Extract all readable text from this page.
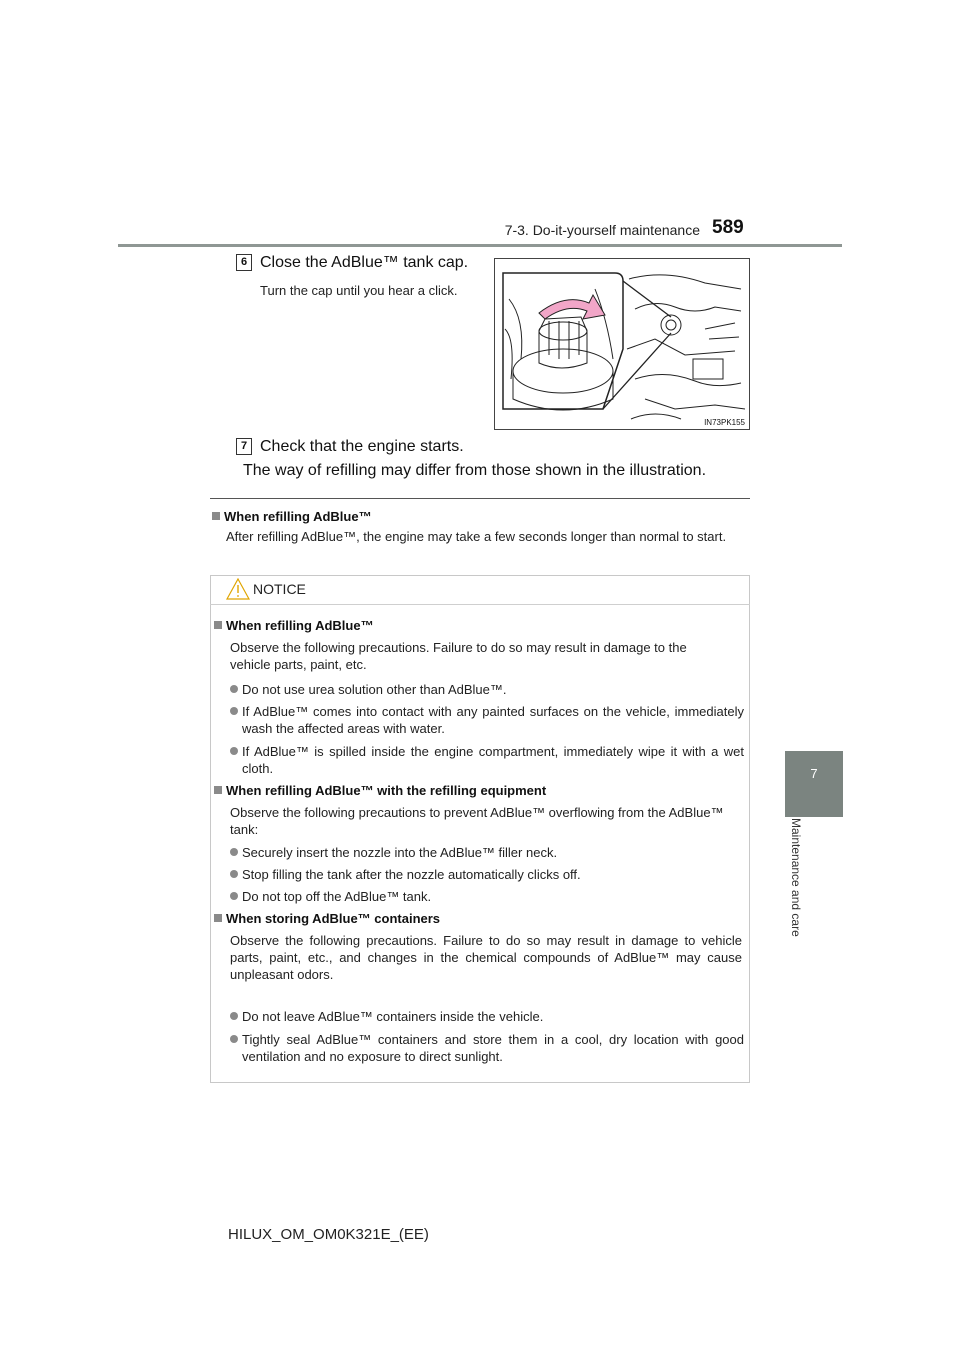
7-3. Do-it-yourself maintenance 589
7
Maintenance and care
6 Close the AdBlue™ tank cap.
Turn the cap until you hear a click.
IN73PK155
7 Check that the engine starts.
The way of refilling may differ from those shown in the illustration.
When refilling AdBlue™
After refilling AdBlue™, the engine may take a few seconds longer than normal to start.
NOTICE
When refilling AdBlue™
Observe the following precautions. Failure to do so may result in damage to the vehicle parts, paint, etc.
Do not use urea solution other than AdBlue™.
If AdBlue™ comes into contact with any painted surfaces on the vehicle, immediately wash the affected areas with water.
If AdBlue™ is spilled inside the engine compartment, immediately wipe it with a wet cloth.
When refilling AdBlue™ with the refilling equipment
Observe the following precautions to prevent AdBlue™ overflowing from the AdBlue™ tank:
Securely insert the nozzle into the AdBlue™ filler neck.
Stop filling the tank after the nozzle automatically clicks off.
Do not top off the AdBlue™ tank.
When storing AdBlue™ containers
Observe the following precautions. Failure to do so may result in damage to vehicle parts, paint, etc., and changes in the chemical compounds of AdBlue™ may cause unpleasant odors.
Do not leave AdBlue™ containers inside the vehicle.
Tightly seal AdBlue™ containers and store them in a cool, dry location with good ventilation and no exposure to direct sunlight.
HILUX_OM_OM0K321E_(EE)
